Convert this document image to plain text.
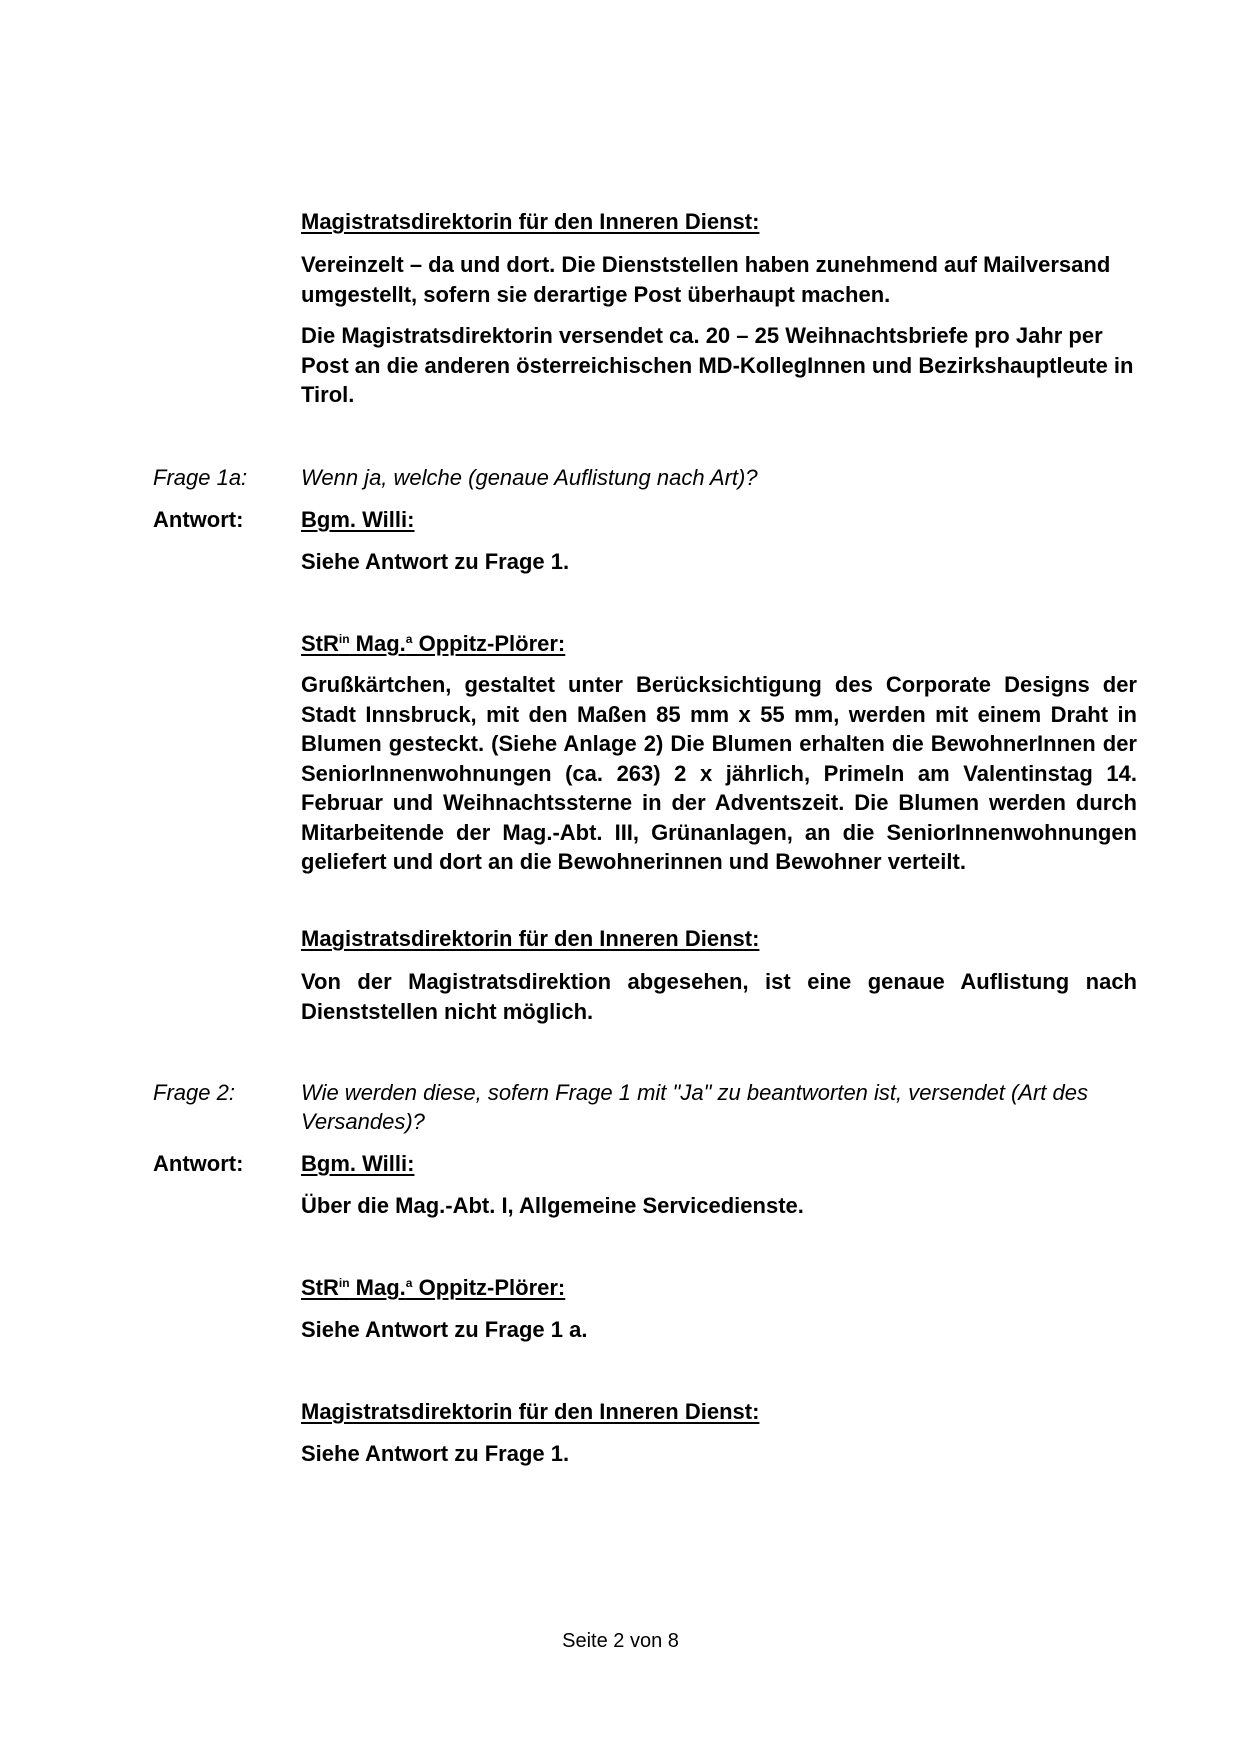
Magistratsdirektorin für den Inneren Dienst:
Vereinzelt – da und dort. Die Dienststellen haben zunehmend auf Mailversand umgestellt, sofern sie derartige Post überhaupt machen.
Die Magistratsdirektorin versendet ca. 20 – 25 Weihnachtsbriefe pro Jahr per Post an die anderen österreichischen MD-KollegInnen und Bezirkshauptleute in Tirol.
Frage 1a: Wenn ja, welche (genaue Auflistung nach Art)?
Antwort:	Bgm. Willi:
Siehe Antwort zu Frage 1.
StR$^{in}$ Mag.$^a$ Oppitz-Plörer:
Grußkärtchen, gestaltet unter Berücksichtigung des Corporate Designs der Stadt Innsbruck, mit den Maßen 85 mm x 55 mm, werden mit einem Draht in Blumen gesteckt. (Siehe Anlage 2) Die Blumen erhalten die BewohnerInnen der SeniorInnenwohnungen (ca. 263) 2 x jährlich, Primeln am Valentinstag 14. Februar und Weihnachtssterne in der Adventszeit. Die Blumen werden durch Mitarbeitende der Mag.-Abt. III, Grünanlagen, an die SeniorInnenwohnungen geliefert und dort an die Bewohnerinnen und Bewohner verteilt.
Magistratsdirektorin für den Inneren Dienst:
Von der Magistratsdirektion abgesehen, ist eine genaue Auflistung nach Dienststellen nicht möglich.
Frage 2:	Wie werden diese, sofern Frage 1 mit "Ja" zu beantworten ist, versendet (Art des Versandes)?
Antwort:	Bgm. Willi:
Über die Mag.-Abt. I, Allgemeine Servicedienste.
StR$^{in}$ Mag.$^a$ Oppitz-Plörer:
Siehe Antwort zu Frage 1 a.
Magistratsdirektorin für den Inneren Dienst:
Siehe Antwort zu Frage 1.
Seite 2 von 8
